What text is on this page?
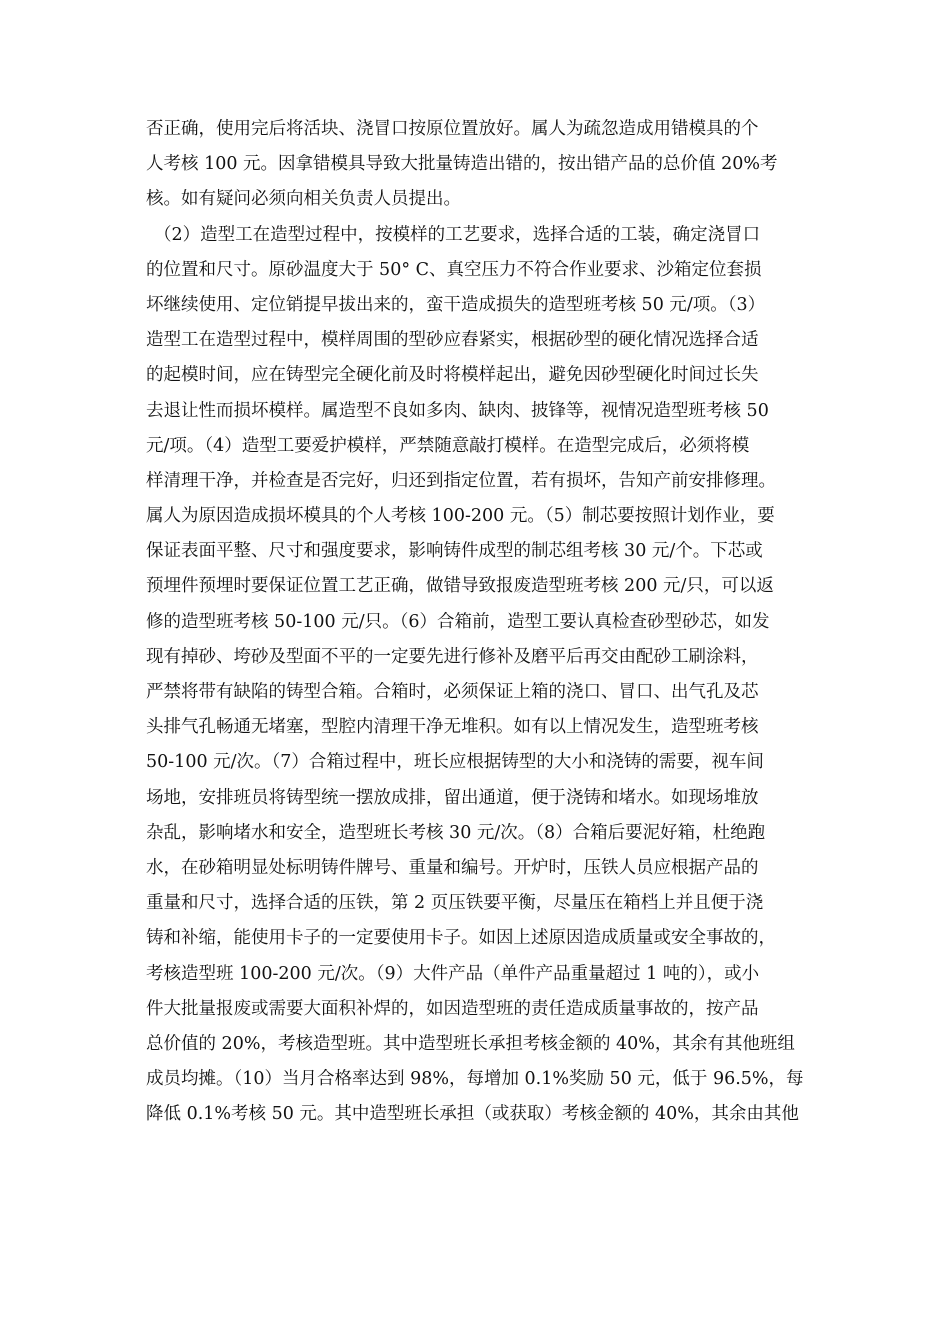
否正确，使用完后将活块、浇冒口按原位置放好。属人为疏忽造成用错模具的个
人考核 100 元。因拿错模具导致大批量铸造出错的，按出错产品的总价值 20%考
核。如有疑问必须向相关负责人员提出。
（2）造型工在造型过程中，按模样的工艺要求，选择合适的工装，确定浇冒口
的位置和尺寸。原砂温度大于 50° C、真空压力不符合作业要求、沙箱定位套损
坏继续使用、定位销提早拔出来的，蛮干造成损失的造型班考核 50 元/项。（3）
造型工在造型过程中，模样周围的型砂应舂紧实，根据砂型的硬化情况选择合适
的起模时间，应在铸型完全硬化前及时将模样起出，避免因砂型硬化时间过长失
去退让性而损坏模样。属造型不良如多肉、缺肉、披锋等，视情况造型班考核 50
元/项。（4）造型工要爱护模样，严禁随意敲打模样。在造型完成后，必须将模
样清理干净，并检查是否完好，归还到指定位置，若有损坏，告知产前安排修理。
属人为原因造成损坏模具的个人考核 100-200 元。（5）制芯要按照计划作业，要
保证表面平整、尺寸和强度要求，影响铸件成型的制芯组考核 30 元/个。下芯或
预埋件预埋时要保证位置工艺正确，做错导致报废造型班考核 200 元/只，可以返
修的造型班考核 50-100 元/只。（6）合箱前，造型工要认真检查砂型砂芯，如发
现有掉砂、垮砂及型面不平的一定要先进行修补及磨平后再交由配砂工刷涂料，
严禁将带有缺陷的铸型合箱。合箱时，必须保证上箱的浇口、冒口、出气孔及芯
头排气孔畅通无堵塞，型腔内清理干净无堆积。如有以上情况发生，造型班考核
50-100 元/次。（7）合箱过程中，班长应根据铸型的大小和浇铸的需要，视车间
场地，安排班员将铸型统一摆放成排，留出通道，便于浇铸和堵水。如现场堆放
杂乱，影响堵水和安全，造型班长考核 30 元/次。（8）合箱后要泥好箱，杜绝跑
水，在砂箱明显处标明铸件牌号、重量和编号。开炉时，压铁人员应根据产品的
重量和尺寸，选择合适的压铁，第 2 页压铁要平衡，尽量压在箱档上并且便于浇
铸和补缩，能使用卡子的一定要使用卡子。如因上述原因造成质量或安全事故的，
考核造型班 100-200 元/次。（9）大件产品（单件产品重量超过 1 吨的），或小
件大批量报废或需要大面积补焊的，如因造型班的责任造成质量事故的，按产品
总价值的 20%，考核造型班。其中造型班长承担考核金额的 40%，其余有其他班组
成员均摊。（10）当月合格率达到 98%，每增加 0.1%奖励 50 元，低于 96.5%，每
降低 0.1%考核 50 元。其中造型班长承担（或获取）考核金额的 40%，其余由其他
